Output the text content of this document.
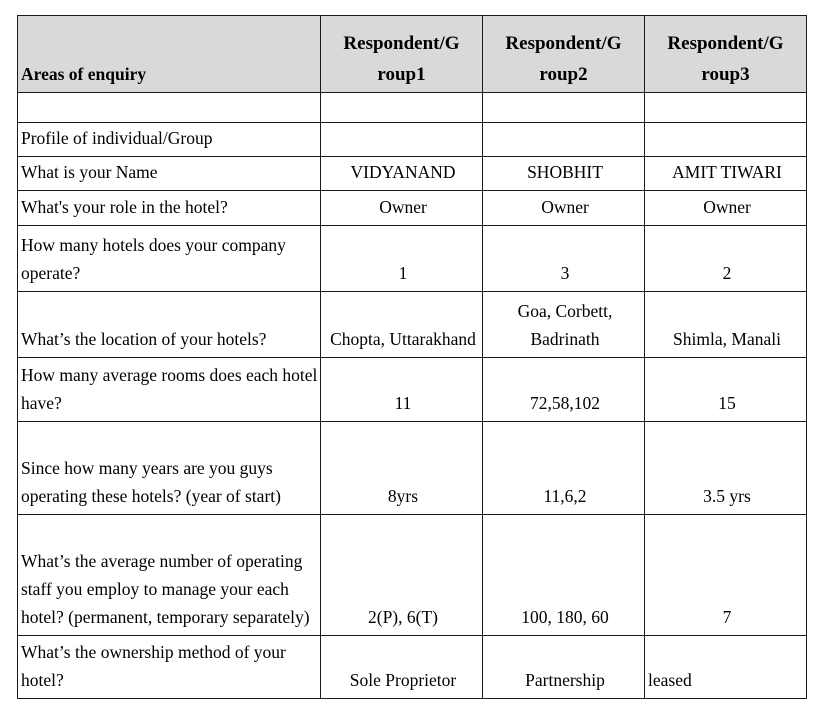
Areas of enquiry	Respondent/G roup1	Respondent/G roup2	Respondent/G roup3

Profile of individual/Group			
What is your Name	VIDYANAND	SHOBHIT	AMIT TIWARI
What's your role in the hotel?	Owner	Owner	Owner
How many hotels does your company operate?	1	3	2
What’s the location of your hotels?	Chopta, Uttarakhand	Goa, Corbett, Badrinath	Shimla, Manali
How many average rooms does each hotel have?	11	72,58,102	15
Since how many years are you guys operating these hotels? (year of start)	8yrs	11,6,2	3.5 yrs
What’s the average number of operating staff you employ to manage your each hotel? (permanent, temporary separately)	2(P), 6(T)	100, 180, 60	7
What’s the ownership method of your hotel?	Sole Proprietor	Partnership	leased
